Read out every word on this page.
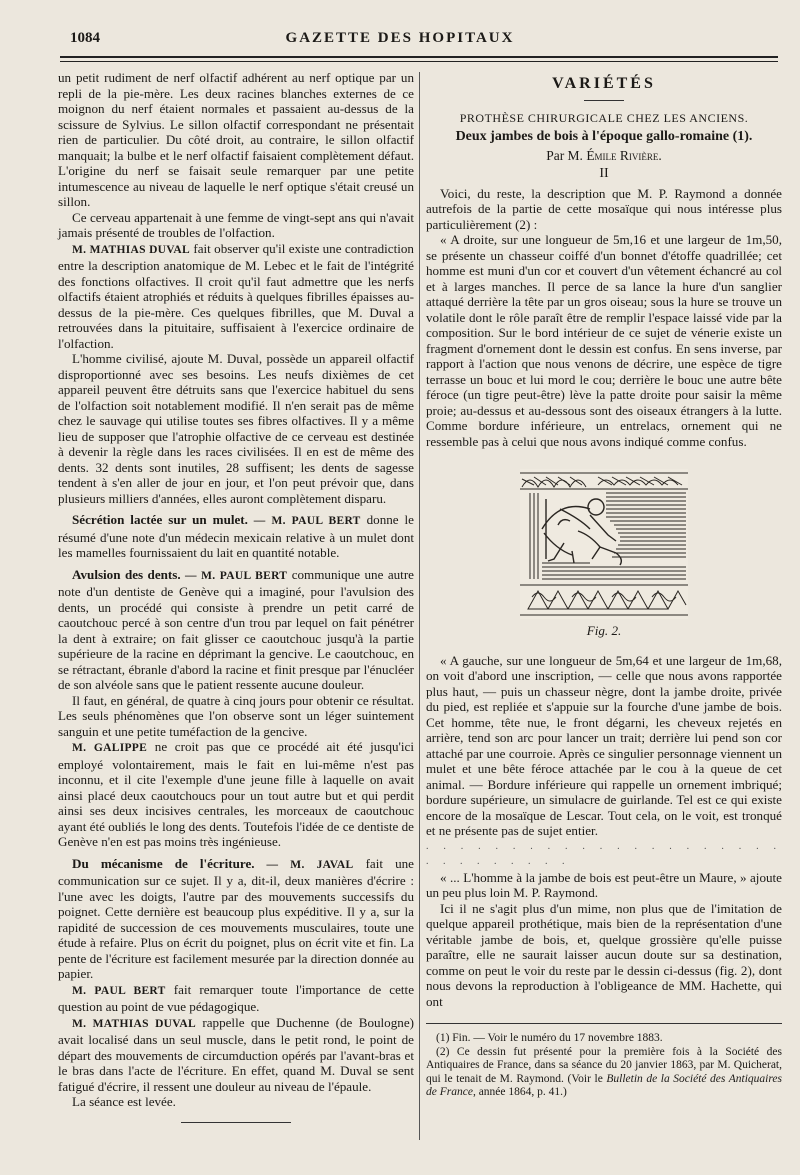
1084	GAZETTE DES HOPITAUX

un petit rudiment de nerf olfactif adhérent au nerf optique par un repli de la pie-mère. Les deux racines blanches externes de ce moignon du nerf étaient normales et passaient au-dessus de la scissure de Sylvius. Le sillon olfactif correspondant ne présentait rien de particulier. Du côté droit, au contraire, le sillon olfactif manquait; la bulbe et le nerf olfactif faisaient complètement défaut. L'origine du nerf se faisait seule remarquer par une petite intumescence au niveau de laquelle le nerf optique s'était creusé un sillon.

Ce cerveau appartenait à une femme de vingt-sept ans qui n'avait jamais présenté de troubles de l'olfaction.

M. MATHIAS DUVAL fait observer qu'il existe une contradiction entre la description anatomique de M. Lebec et le fait de l'intégrité des fonctions olfactives. Il croit qu'il faut admettre que les nerfs olfactifs étaient atrophiés et réduits à quelques fibrilles épaisses au-dessus de la pie-mère. Ces quelques fibrilles, que M. Duval a retrouvées dans la pituitaire, suffisaient à l'exercice ordinaire de l'olfaction.

L'homme civilisé, ajoute M. Duval, possède un appareil olfactif disproportionné avec ses besoins. Les neufs dixièmes de cet appareil peuvent être détruits sans que l'exercice habituel du sens de l'olfaction soit notablement modifié. Il n'en serait pas de même chez le sauvage qui utilise toutes ses fibres olfactives. Il y a même lieu de supposer que l'atrophie olfactive de ce cerveau est destinée à devenir la règle dans les races civilisées. Il en est de même des dents. 32 dents sont inutiles, 28 suffisent; les dents de sagesse tendent à s'en aller de jour en jour, et l'on peut prévoir que, dans plusieurs milliers d'années, elles auront complètement disparu.

Sécrétion lactée sur un mulet. — M. PAUL BERT donne le résumé d'une note d'un médecin mexicain relative à un mulet dont les mamelles fournissaient du lait en quantité notable.

Avulsion des dents. — M. PAUL BERT communique une autre note d'un dentiste de Genève qui a imaginé, pour l'avulsion des dents, un procédé qui consiste à prendre un petit carré de caoutchouc percé à son centre d'un trou par lequel on fait pénétrer la dent à extraire; on fait glisser ce caoutchouc jusqu'à la partie supérieure de la racine en déprimant la gencive. Le caoutchouc, en se rétractant, ébranle d'abord la racine et finit presque par l'énucléer de son alvéole sans que le patient ressente aucune douleur.

Il faut, en général, de quatre à cinq jours pour obtenir ce résultat. Les seuls phénomènes que l'on observe sont un léger suintement sanguin et une petite tuméfaction de la gencive.

M. GALIPPE ne croit pas que ce procédé ait été jusqu'ici employé volontairement, mais le fait en lui-même n'est pas inconnu, et il cite l'exemple d'une jeune fille à laquelle on avait ainsi placé deux caoutchoucs pour un tout autre but et qui perdit ainsi ses deux incisives centrales, les morceaux de caoutchouc ayant été oubliés le long des dents. Toutefois l'idée de ce dentiste de Genève n'en est pas moins très ingénieuse.

Du mécanisme de l'écriture. — M. JAVAL fait une communication sur ce sujet. Il y a, dit-il, deux manières d'écrire : l'une avec les doigts, l'autre par des mouvements successifs du poignet. Cette dernière est beaucoup plus expéditive. Il y a, sur la rapidité de succession de ces mouvements musculaires, toute une étude à refaire. Plus on écrit du poignet, plus on écrit vite et fin. La pente de l'écriture est facilement mesurée par la direction donnée au papier.

M. PAUL BERT fait remarquer toute l'importance de cette question au point de vue pédagogique.

M. MATHIAS DUVAL rappelle que Duchenne (de Boulogne) avait localisé dans un seul muscle, dans le petit rond, le point de départ des mouvements de circumduction opérés par l'avant-bras et le bras dans l'acte de l'écriture. En effet, quand M. Duval se sent fatigué d'écrire, il ressent une douleur au niveau de l'épaule.

La séance est levée.

VARIÉTÉS

PROTHÈSE CHIRURGICALE CHEZ LES ANCIENS.

Deux jambes de bois à l'époque gallo-romaine (1).

Par M. Émile Rivière.

II

Voici, du reste, la description que M. P. Raymond a donnée autrefois de la partie de cette mosaïque qui nous intéresse plus particulièrement (2) :

« A droite, sur une longueur de 5m,16 et une largeur de 1m,50, se présente un chasseur coiffé d'un bonnet d'étoffe quadrillée; cet homme est muni d'un cor et couvert d'un vêtement échancré au col et à larges manches. Il perce de sa lance la hure d'un sanglier attaqué derrière la tête par un gros oiseau; sous la hure se trouve un volatile dont le rôle paraît être de remplir l'espace laissé vide par la composition. Sur le bord intérieur de ce sujet de vénerie existe un fragment d'ornement dont le dessin est confus. En sens inverse, par rapport à l'action que nous venons de décrire, une espèce de tigre terrasse un bouc et lui mord le cou; derrière le bouc une autre bête féroce (un tigre peut-être) lève la patte droite pour saisir la même proie; au-dessus et au-dessous sont des oiseaux étrangers à la lutte. Comme bordure inférieure, un entrelacs, ornement qui ne ressemble pas à celui que nous avons indiqué comme confus.

Fig. 2.

« A gauche, sur une longueur de 5m,64 et une largeur de 1m,68, on voit d'abord une inscription, — celle que nous avons rapportée plus haut, — puis un chasseur nègre, dont la jambe droite, privée du pied, est repliée et s'appuie sur la fourche d'une jambe de bois. Cet homme, tête nue, le front dégarni, les cheveux rejetés en arrière, tend son arc pour lancer un trait; derrière lui pend son cor attaché par une courroie. Après ce singulier personnage viennent un mulet et une bête féroce attachée par le cou à la queue de cet animal. — Bordure inférieure qui rappelle un ornement imbriqué; bordure supérieure, un simulacre de guirlande. Tel est ce qui existe encore de la mosaïque de Lescar. Tout cela, on le voit, est tronqué et ne présente pas de sujet entier.

. . . . . . . . . . . . . . . . . . . . . . . . . . . . . .

« ... L'homme à la jambe de bois est peut-être un Maure, » ajoute un peu plus loin M. P. Raymond.

Ici il ne s'agit plus d'un mime, non plus que de l'imitation de quelque appareil prothétique, mais bien de la représentation d'une véritable jambe de bois, et, quelque grossière qu'elle puisse paraître, elle ne saurait laisser aucun doute sur sa destination, comme on peut le voir du reste par le dessin ci-dessus (fig. 2), dont nous devons la reproduction à l'obligeance de MM. Hachette, qui ont

(1) Fin. — Voir le numéro du 17 novembre 1883.

(2) Ce dessin fut présenté pour la première fois à la Société des Antiquaires de France, dans sa séance du 20 janvier 1863, par M. Quicherat, qui le tenait de M. Raymond. (Voir le Bulletin de la Société des Antiquaires de France, année 1864, p. 41.)
